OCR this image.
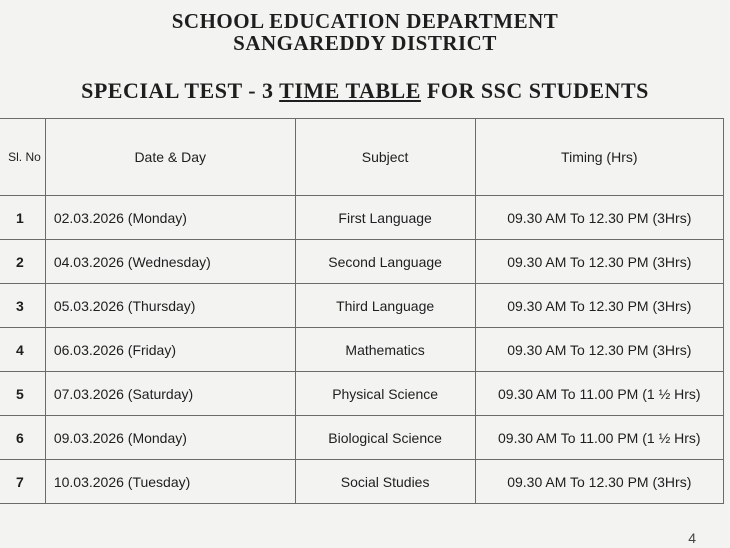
SCHOOL EDUCATION DEPARTMENT
SANGAREDDY DISTRICT
SPECIAL TEST - 3 TIME TABLE FOR SSC STUDENTS
Sl. No	Date & Day	Subject	Timing (Hrs)
1	02.03.2026 (Monday)	First Language	09.30 AM To 12.30 PM (3Hrs)
2	04.03.2026 (Wednesday)	Second Language	09.30 AM To 12.30 PM (3Hrs)
3	05.03.2026 (Thursday)	Third Language	09.30 AM To 12.30 PM (3Hrs)
4	06.03.2026 (Friday)	Mathematics	09.30 AM To 12.30 PM (3Hrs)
5	07.03.2026 (Saturday)	Physical Science	09.30 AM To 11.00 PM (1 ½ Hrs)
6	09.03.2026 (Monday)	Biological Science	09.30 AM To 11.00 PM (1 ½ Hrs)
7	10.03.2026 (Tuesday)	Social Studies	09.30 AM To 12.30 PM (3Hrs)
4
